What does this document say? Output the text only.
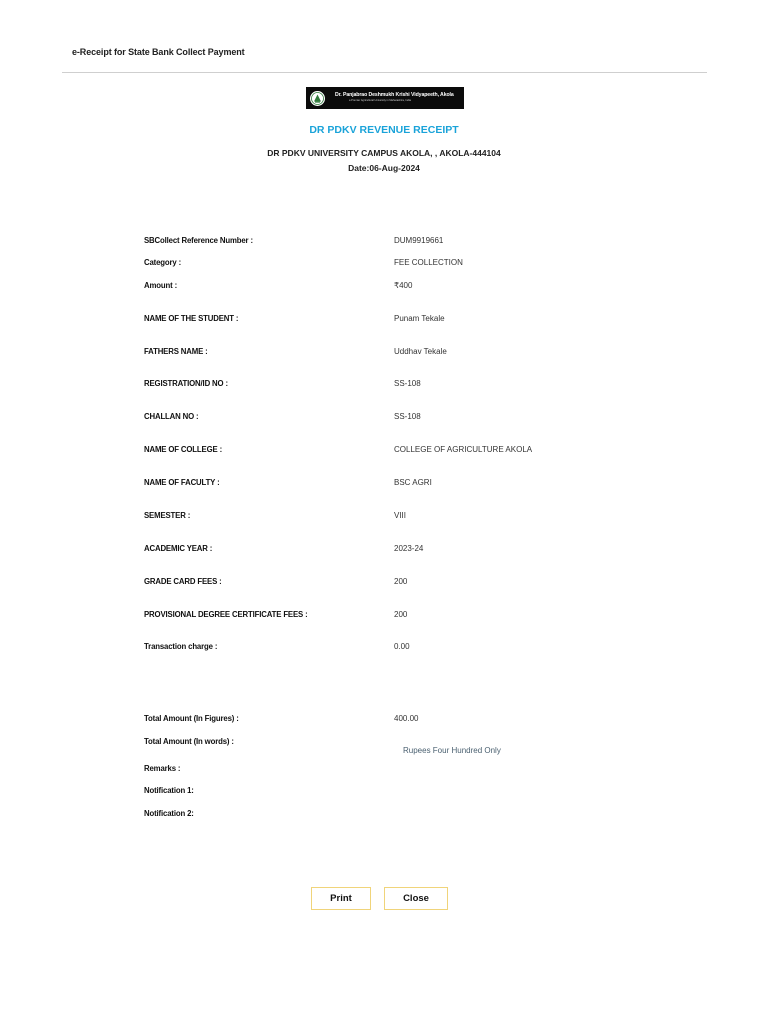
e-Receipt for State Bank Collect Payment
Dr. Panjabrao Deshmukh Krishi Vidyapeeth, Akola
a Premier Agricultural University in Maharashtra, India
DR PDKV REVENUE RECEIPT
DR PDKV UNIVERSITY CAMPUS AKOLA, , AKOLA-444104
Date:06-Aug-2024
SBCollect Reference Number :	DUM9919661
Category :	FEE COLLECTION
Amount :	₹400
NAME OF THE STUDENT :	Punam Tekale
FATHERS NAME :	Uddhav Tekale
REGISTRATION/ID NO :	SS-108
CHALLAN NO :	SS-108
NAME OF COLLEGE :	COLLEGE OF AGRICULTURE AKOLA
NAME OF FACULTY :	BSC AGRI
SEMESTER :	VIII
ACADEMIC YEAR :	2023-24
GRADE CARD FEES :	200
PROVISIONAL DEGREE CERTIFICATE FEES :	200
Transaction charge :	0.00
Total Amount (In Figures) :	400.00
Total Amount (In words) :
Rupees Four Hundred Only
Remarks :
Notification 1:
Notification 2:
Print	Close
